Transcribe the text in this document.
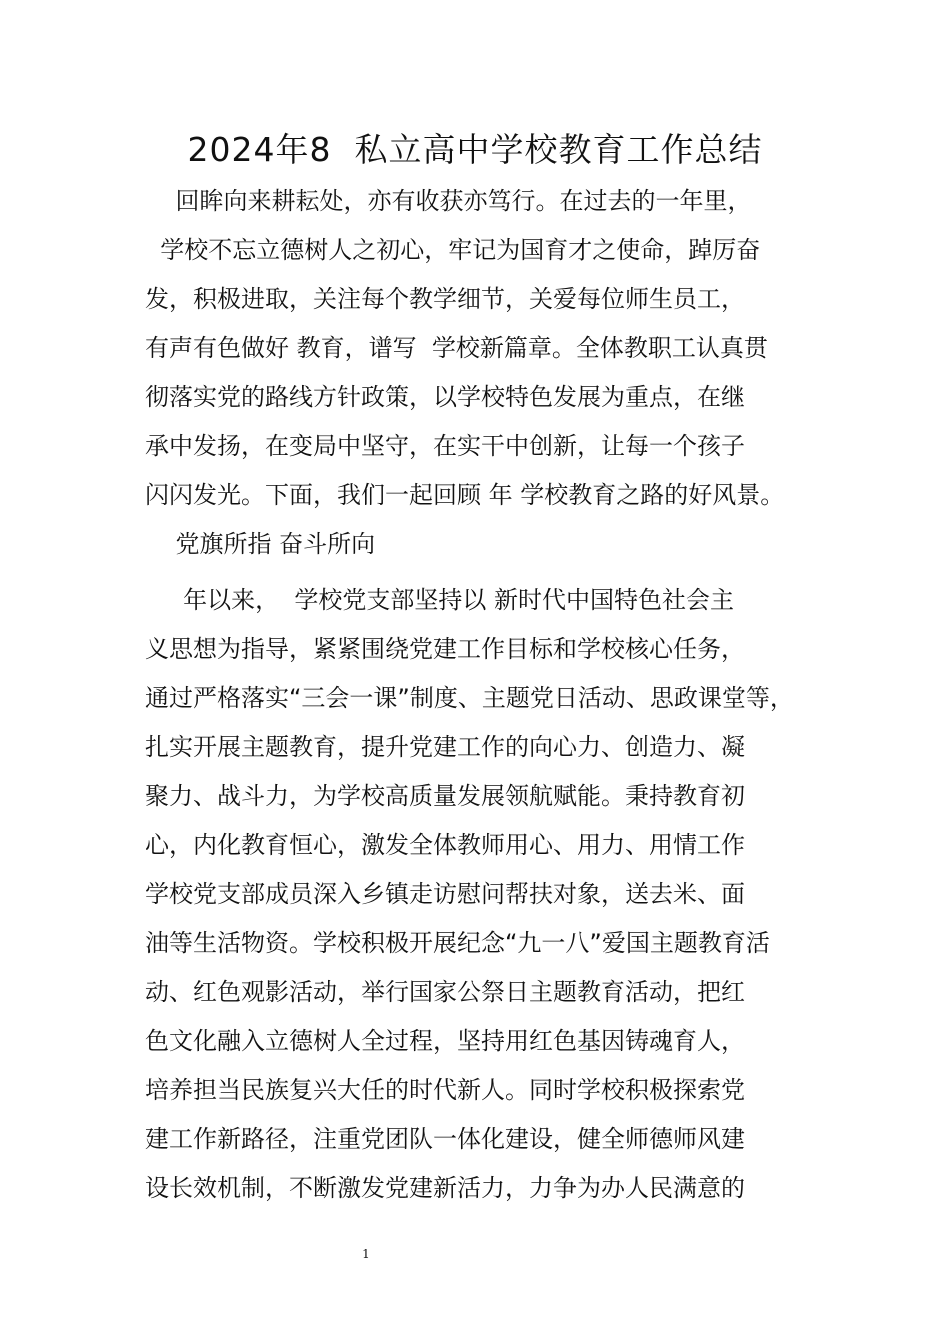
2024年8  私立高中学校教育工作总结
回眸向来耕耘处，亦有收获亦笃行。在过去的一年里，
学校不忘立德树人之初心，牢记为国育才之使命，踔厉奋
发，积极进取，关注每个教学细节，关爱每位师生员工，
有声有色做好 教育，谱写  学校新篇章。全体教职工认真贯
彻落实党的路线方针政策，以学校特色发展为重点，在继
承中发扬，在变局中坚守，在实干中创新，让每一个孩子
闪闪发光。下面，我们一起回顾 年 学校教育之路的好风景。
党旗所指 奋斗所向
年以来，  学校党支部坚持以 新时代中国特色社会主
义思想为指导，紧紧围绕党建工作目标和学校核心任务，
通过严格落实“三会一课”制度、主题党日活动、思政课堂等，
扎实开展主题教育，提升党建工作的向心力、创造力、凝
聚力、战斗力，为学校高质量发展领航赋能。秉持教育初
心，内化教育恒心，激发全体教师用心、用力、用情工作
学校党支部成员深入乡镇走访慰问帮扶对象，送去米、面
油等生活物资。学校积极开展纪念“九一八”爱国主题教育活
动、红色观影活动，举行国家公祭日主题教育活动，把红
色文化融入立德树人全过程，坚持用红色基因铸魂育人，
培养担当民族复兴大任的时代新人。同时学校积极探索党
建工作新路径，注重党团队一体化建设，健全师德师风建
设长效机制，不断激发党建新活力，力争为办人民满意的
1
